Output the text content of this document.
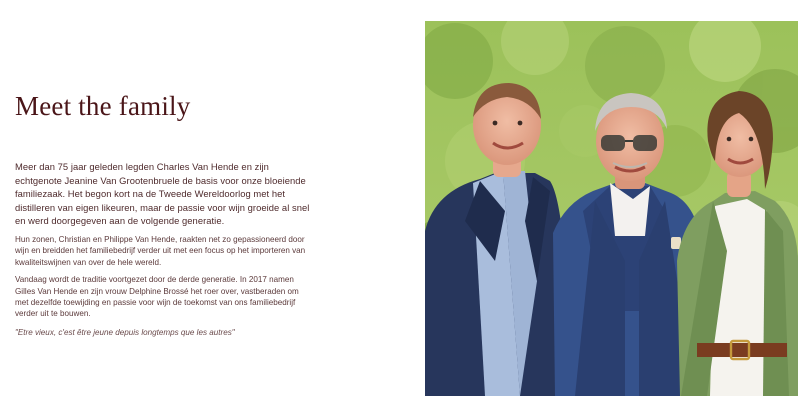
Meet the family

Meer dan 75 jaar geleden legden Charles Van Hende en zijn echtgenote Jeanine Van Grootenbruele de basis voor onze bloeiende familiezaak. Het begon kort na de Tweede Wereldoorlog met het distilleren van eigen likeuren, maar de passie voor wijn groeide al snel en werd doorgegeven aan de volgende generatie.

Hun zonen, Christian en Philippe Van Hende, raakten net zo gepassioneerd door wijn en breidden het familiebedrijf verder uit met een focus op het importeren van kwaliteitswijnen van over de hele wereld.

Vandaag wordt de traditie voortgezet door de derde generatie. In 2017 namen Gilles Van Hende en zijn vrouw Delphine Brossé het roer over, vastberaden om met dezelfde toewijding en passie voor wijn de toekomst van ons familiebedrijf verder uit te bouwen.

"Etre vieux, c'est être jeune depuis longtemps que les autres"
